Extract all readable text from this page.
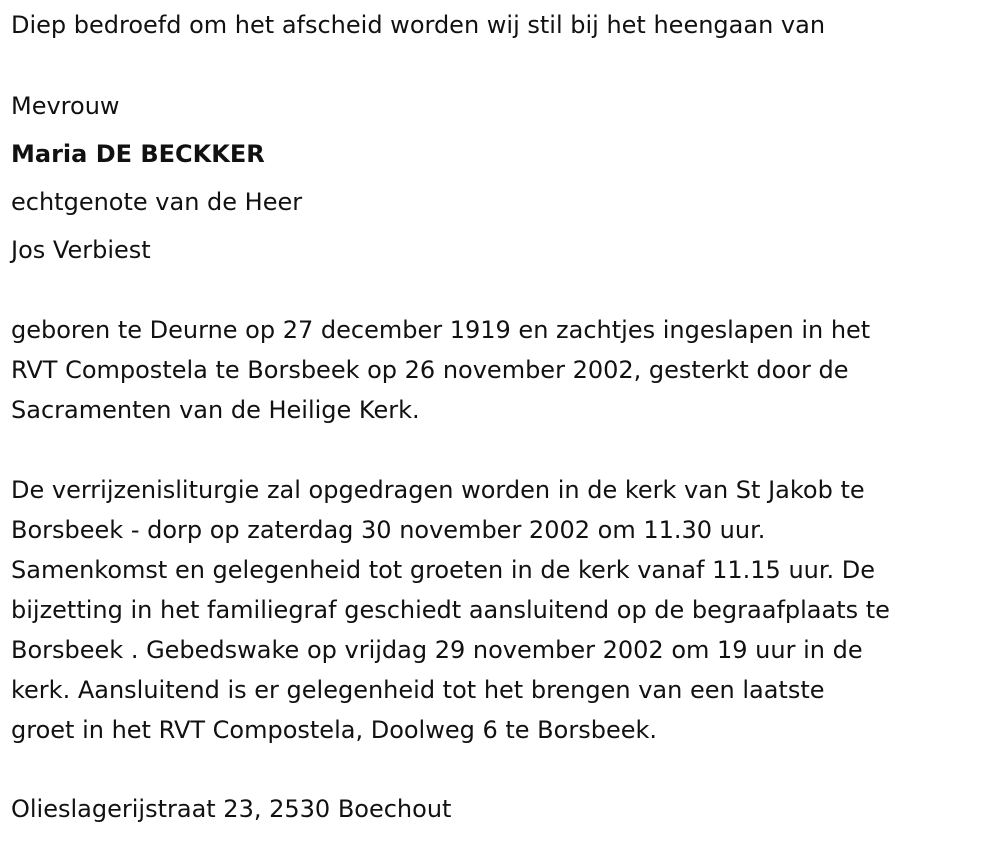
Diep bedroefd om het afscheid worden wij stil bij het heengaan van
Mevrouw
Maria DE BECKKER
echtgenote van de Heer
Jos Verbiest
geboren te Deurne op 27 december 1919 en zachtjes ingeslapen in het
RVT Compostela te Borsbeek op 26 november 2002, gesterkt door de
Sacramenten van de Heilige Kerk.
De verrijzenisliturgie zal opgedragen worden in de kerk van St Jakob te
Borsbeek - dorp op zaterdag 30 november 2002 om 11.30 uur.
Samenkomst en gelegenheid tot groeten in de kerk vanaf 11.15 uur. De
bijzetting in het familiegraf geschiedt aansluitend op de begraafplaats te
Borsbeek . Gebedswake op vrijdag 29 november 2002 om 19 uur in de
kerk. Aansluitend is er gelegenheid tot het brengen van een laatste
groet in het RVT Compostela, Doolweg 6 te Borsbeek.
Olieslagerijstraat 23, 2530 Boechout
